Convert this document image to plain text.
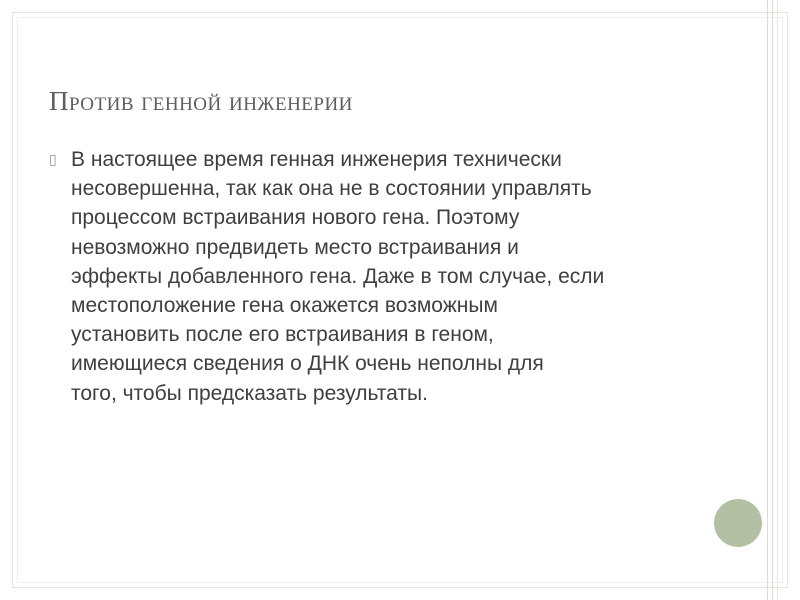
Против генной инженерии
▯ В настоящее время генная инженерия технически
несовершенна, так как она не в состоянии управлять
процессом встраивания нового гена. Поэтому
невозможно предвидеть место встраивания и
эффекты добавленного гена. Даже в том случае, если
местоположение гена окажется возможным
установить после его встраивания в геном,
имеющиеся сведения о ДНК очень неполны для
того, чтобы предсказать результаты.
